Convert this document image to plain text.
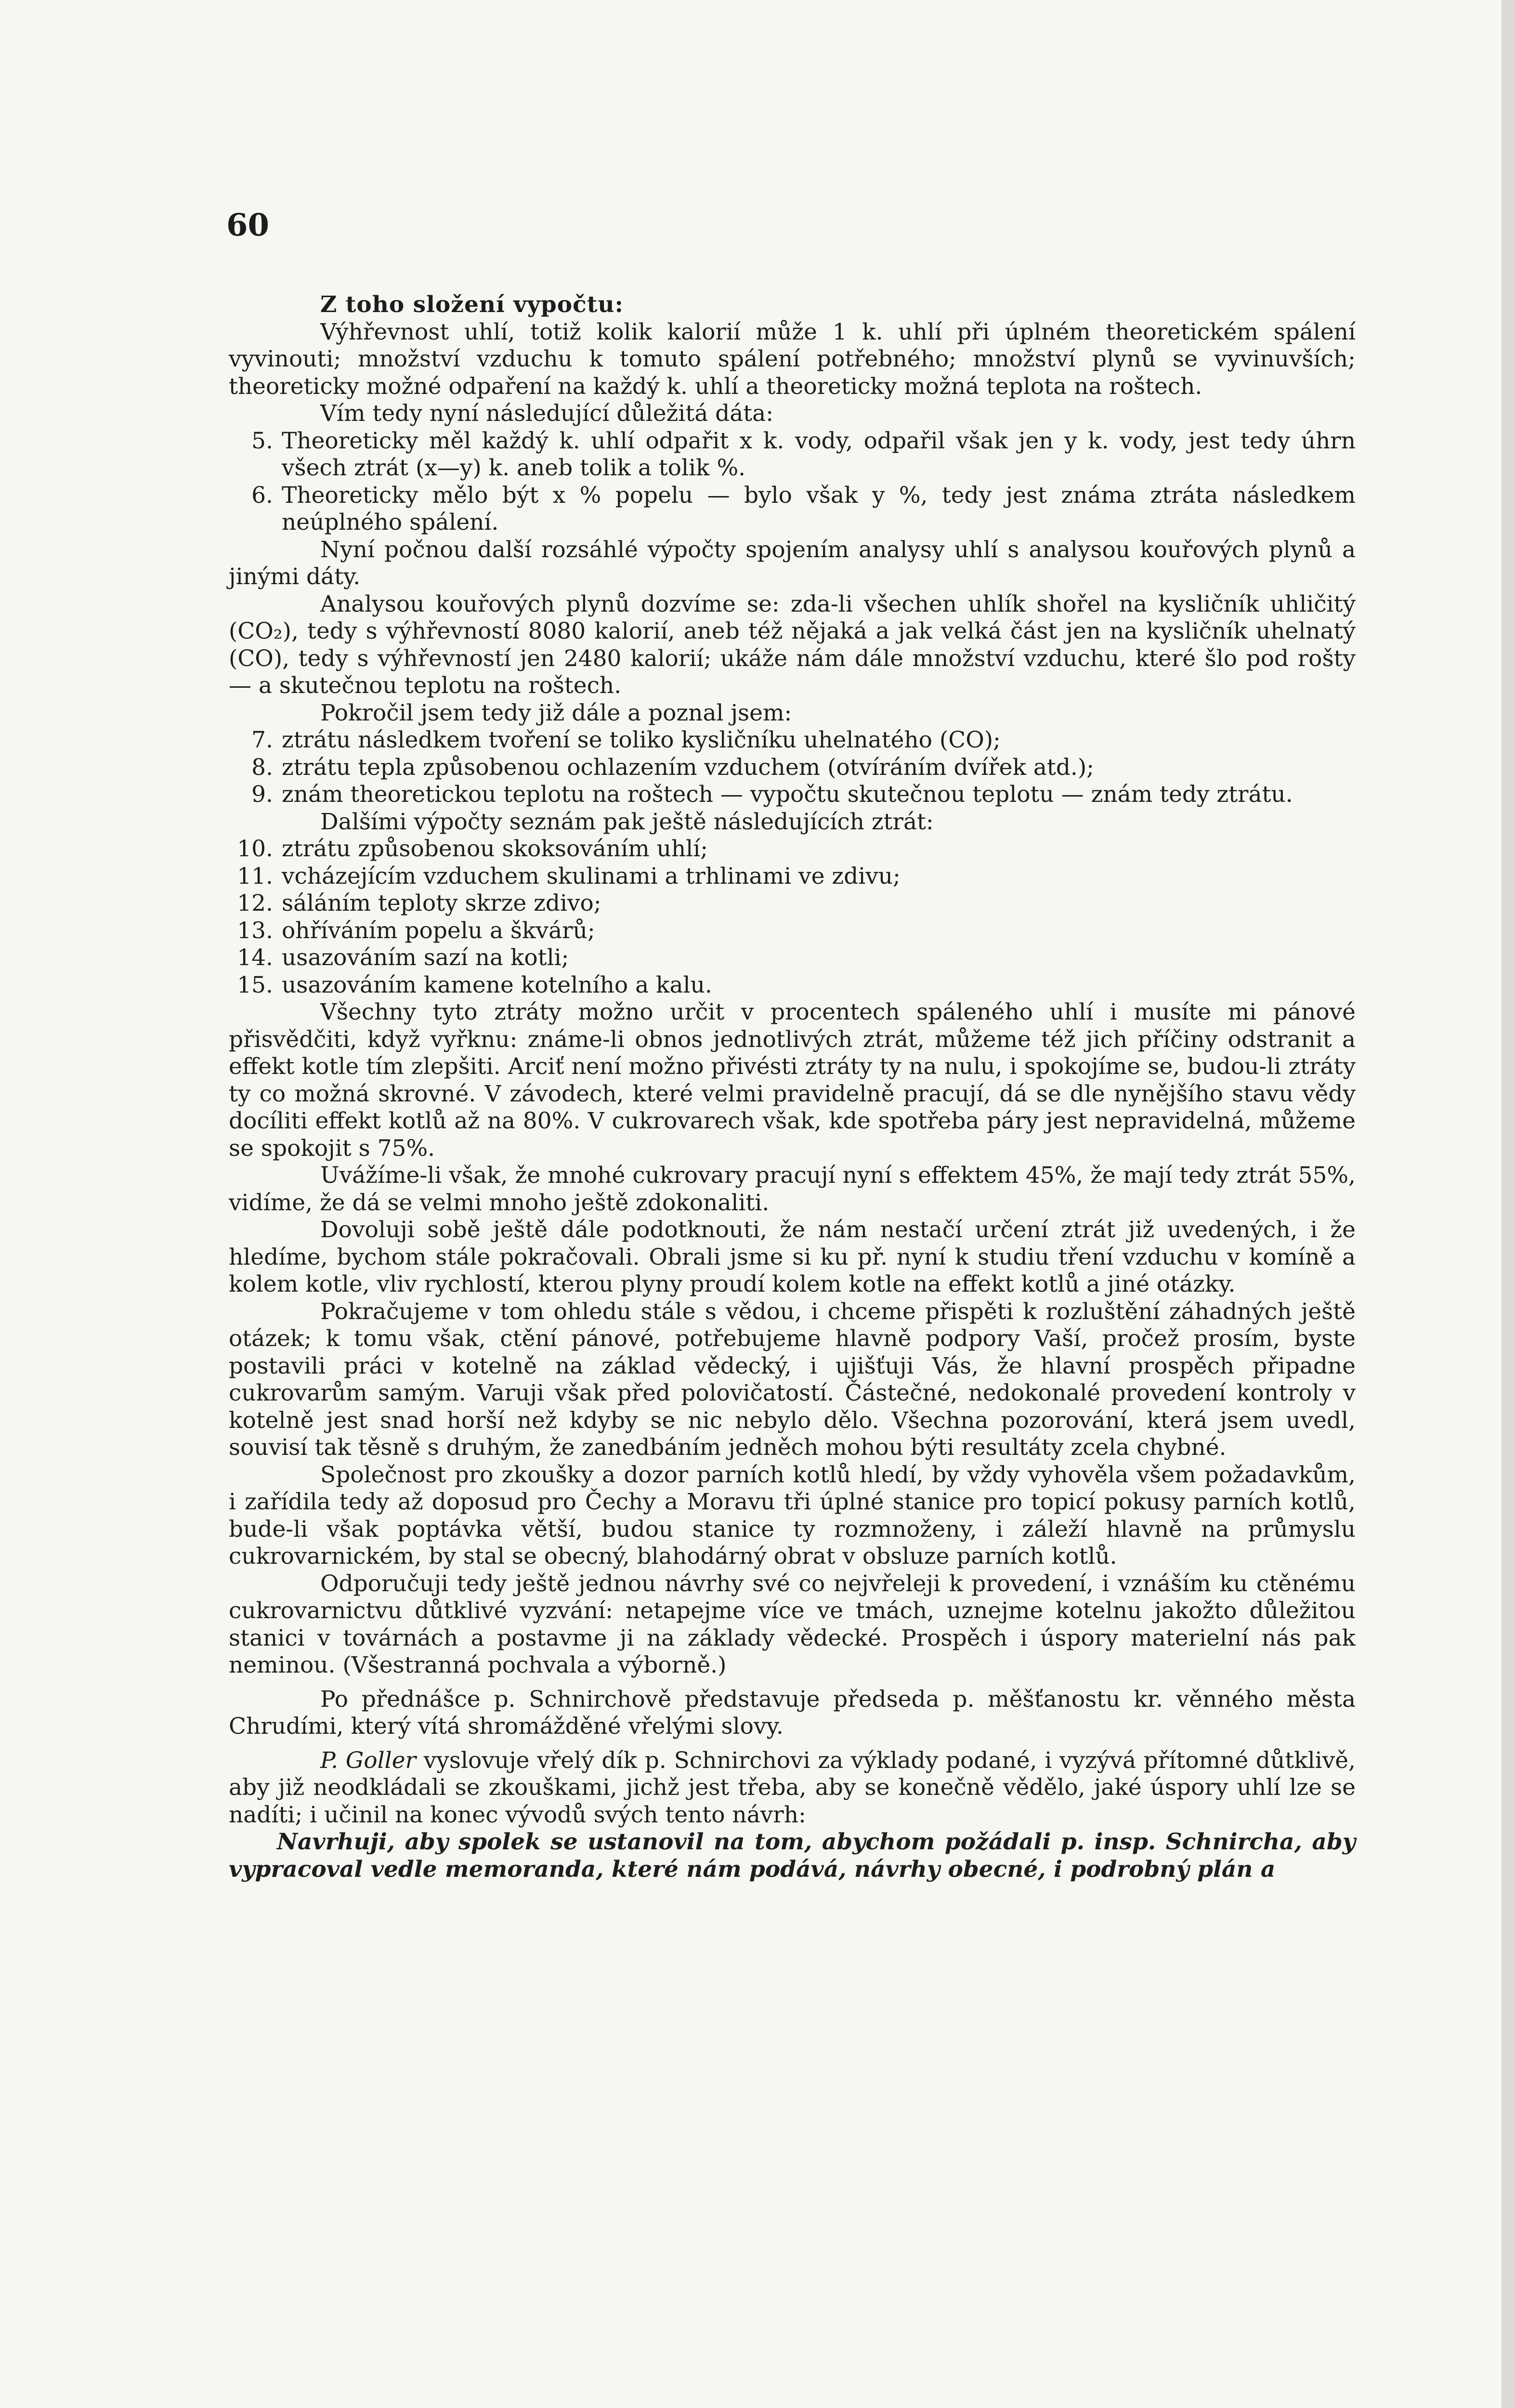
60

Z toho složení vypočtu:

Výhřevnost uhlí, totiž kolik kalorií může 1 k. uhlí při úplném theoretickém spálení vyvinouti; množství vzduchu k tomuto spálení potřebného; množství plynů se vyvinuvších; theoreticky možné odpaření na každý k. uhlí a theoreticky možná teplota na roštech.

Vím tedy nyní následující důležitá dáta:

5. Theoreticky měl každý k. uhlí odpařit x k. vody, odpařil však jen y k. vody, jest tedy úhrn všech ztrát (x—y) k. aneb tolik a tolik %.
6. Theoreticky mělo být x % popelu — bylo však y %, tedy jest známa ztráta následkem neúplného spálení.

Nyní počnou další rozsáhlé výpočty spojením analysy uhlí s analysou kouřových plynů a jinými dáty.

Analysou kouřových plynů dozvíme se: zda-li všechen uhlík shořel na kysličník uhličitý (CO₂), tedy s výhřevností 8080 kalorií, aneb též nějaká a jak velká část jen na kysličník uhelnatý (CO), tedy s výhřevností jen 2480 kalorií; ukáže nám dále množství vzduchu, které šlo pod rošty — a skutečnou teplotu na roštech.

Pokročil jsem tedy již dále a poznal jsem:

7. ztrátu následkem tvoření se toliko kysličníku uhelnatého (CO);
8. ztrátu tepla způsobenou ochlazením vzduchem (otvíráním dvířek atd.);
9. znám theoretickou teplotu na roštech — vypočtu skutečnou teplotu — znám tedy ztrátu.

Dalšími výpočty seznám pak ještě následujících ztrát:

10. ztrátu způsobenou skoksováním uhlí;
11. vcházejícím vzduchem skulinami a trhlinami ve zdivu;
12. sáláním teploty skrze zdivo;
13. ohříváním popelu a škvárů;
14. usazováním sazí na kotli;
15. usazováním kamene kotelního a kalu.

Všechny tyto ztráty možno určit v procentech spáleného uhlí i musíte mi pánové přisvědčiti, když vyřknu: známe-li obnos jednotlivých ztrát, můžeme též jich příčiny odstranit a effekt kotle tím zlepšiti. Arciť není možno přivésti ztráty ty na nulu, i spokojíme se, budou-li ztráty ty co možná skrovné. V závodech, které velmi pravidelně pracují, dá se dle nynějšího stavu vědy docíliti effekt kotlů až na 80%. V cukrovarech však, kde spotřeba páry jest nepravidelná, můžeme se spokojit s 75%.

Uvážíme-li však, že mnohé cukrovary pracují nyní s effektem 45%, že mají tedy ztrát 55%, vidíme, že dá se velmi mnoho ještě zdokonaliti.

Dovoluji sobě ještě dále podotknouti, že nám nestačí určení ztrát již uvedených, i že hledíme, bychom stále pokračovali. Obrali jsme si ku př. nyní k studiu tření vzduchu v komíně a kolem kotle, vliv rychlostí, kterou plyny proudí kolem kotle na effekt kotlů a jiné otázky.

Pokračujeme v tom ohledu stále s vědou, i chceme přispěti k rozluštění záhadných ještě otázek; k tomu však, ctění pánové, potřebujeme hlavně podpory Vaší, pročež prosím, byste postavili práci v kotelně na základ vědecký, i ujišťuji Vás, že hlavní prospěch připadne cukrovarům samým. Varuji však před polovičatostí. Částečné, nedokonalé provedení kontroly v kotelně jest snad horší než kdyby se nic nebylo dělo. Všechna pozorování, která jsem uvedl, souvisí tak těsně s druhým, že zanedbáním jedněch mohou býti resultáty zcela chybné.

Společnost pro zkoušky a dozor parních kotlů hledí, by vždy vyhověla všem požadavkům, i zařídila tedy až doposud pro Čechy a Moravu tři úplné stanice pro topicí pokusy parních kotlů, bude-li však poptávka větší, budou stanice ty rozmnoženy, i záleží hlavně na průmyslu cukrovarnickém, by stal se obecný, blahodárný obrat v obsluze parních kotlů.

Odporučuji tedy ještě jednou návrhy své co nejvřeleji k provedení, i vznáším ku ctěnému cukrovarnictvu důtklivé vyzvání: netapejme více ve tmách, uznejme kotelnu jakožto důležitou stanici v továrnách a postavme ji na základy vědecké. Prospěch i úspory materielní nás pak neminou. (Všestranná pochvala a výborně.)

Po přednášce p. Schnirchově představuje předseda p. měšťanostu kr. věnného města Chrudími, který vítá shromážděné vřelými slovy.

P. Goller vyslovuje vřelý dík p. Schnirchovi za výklady podané, i vyzývá přítomné důtklivě, aby již neodkládali se zkouškami, jichž jest třeba, aby se konečně vědělo, jaké úspory uhlí lze se nadíti; i učinil na konec vývodů svých tento návrh:

Navrhuji, aby spolek se ustanovil na tom, abychom požádali p. insp. Schnircha, aby vypracoval vedle memoranda, které nám podává, návrhy obecné, i podrobný plán a
